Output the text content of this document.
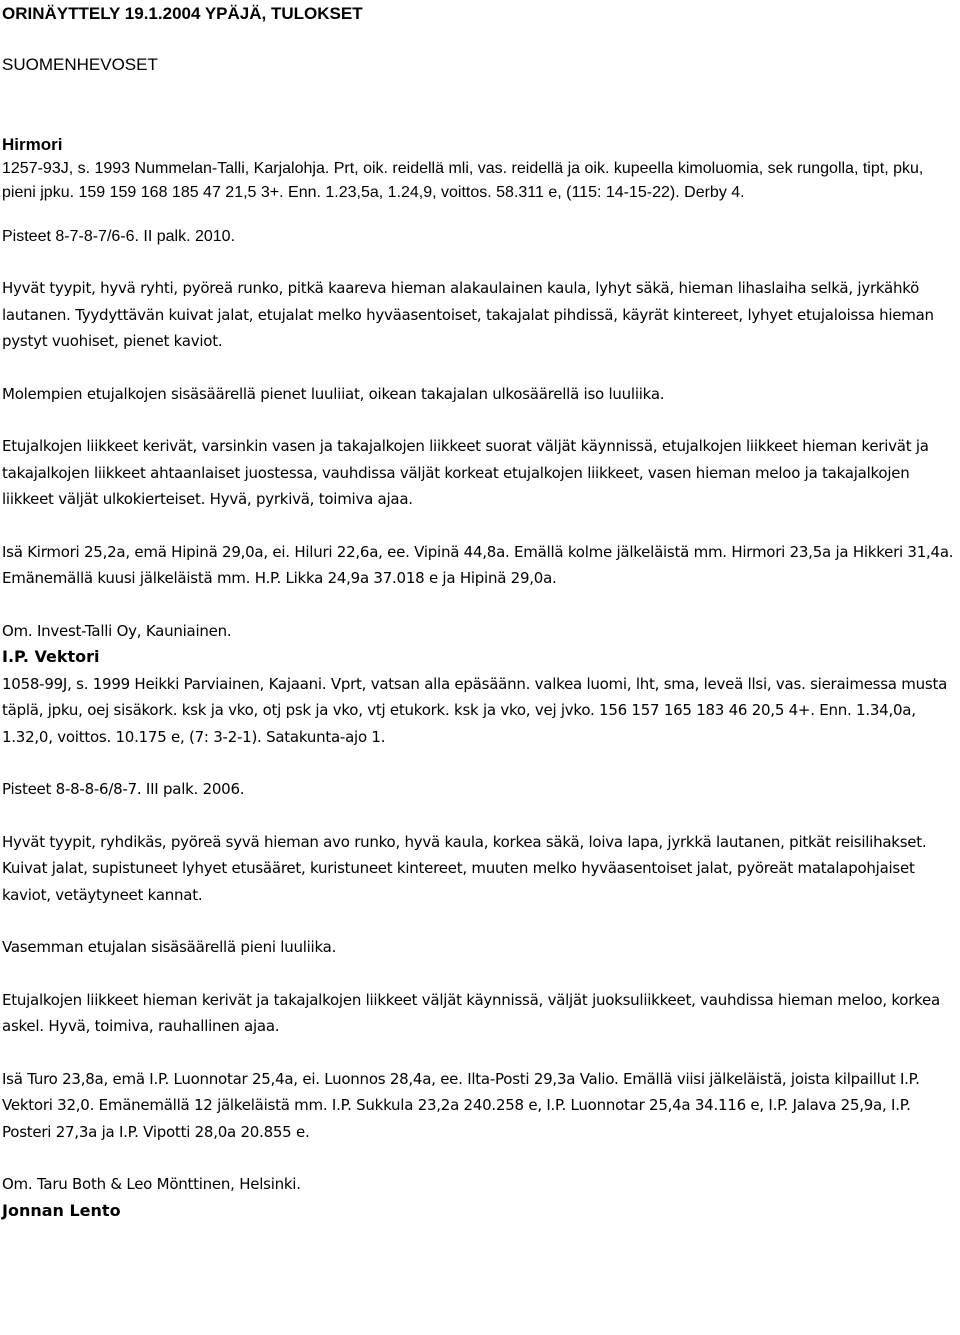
ORINÄYTTELY 19.1.2004 YPÄJÄ, TULOKSET
SUOMENHEVOSET
Hirmori

1257-93J, s. 1993 Nummelan-Talli, Karjalohja. Prt, oik. reidellä mli, vas. reidellä ja oik. kupeella kimoluomia, sek rungolla, tipt, pku, pieni jpku. 159 159 168 185 47 21,5 3+. Enn. 1.23,5a, 1.24,9, voittos. 58.311 e, (115: 14-15-22). Derby 4.

Pisteet 8-7-8-7/6-6. II palk. 2010.

Hyvät tyypit, hyvä ryhti, pyöreä runko, pitkä kaareva hieman alakaulainen kaula, lyhyt säkä, hieman lihaslaiha selkä, jyrkähkö lautanen. Tyydyttävän kuivat jalat, etujalat melko hyväasentoiset, takajalat pihdissä, käyrät kintereet, lyhyet etujaloissa hieman pystyt vuohiset, pienet kaviot.

Molempien etujalkojen sisäsäärellä pienet luuliiat, oikean takajalan ulkosäärellä iso luuliika.

Etujalkojen liikkeet kerivät, varsinkin vasen ja takajalkojen liikkeet suorat väljät käynnissä, etujalkojen liikkeet hieman kerivät ja takajalkojen liikkeet ahtaanlaiset juostessa, vauhdissa väljät korkeat etujalkojen liikkeet, vasen hieman meloo ja takajalkojen liikkeet väljät ulkokierteiset. Hyvä, pyrkivä, toimiva ajaa.

Isä Kirmori 25,2a, emä Hipinä 29,0a, ei. Hiluri 22,6a, ee. Vipinä 44,8a. Emällä kolme jälkeläistä mm. Hirmori 23,5a ja Hikkeri 31,4a. Emänemällä kuusi jälkeläistä mm. H.P. Likka 24,9a 37.018 e ja Hipinä 29,0a.

Om. Invest-Talli Oy, Kauniainen.

I.P. Vektori

1058-99J, s. 1999 Heikki Parviainen, Kajaani. Vprt, vatsan alla epäsäänn. valkea luomi, lht, sma, leveä llsi, vas. sieraimessa musta täplä, jpku, oej sisäkork. ksk ja vko, otj psk ja vko, vtj etukork. ksk ja vko, vej jvko. 156 157 165 183 46 20,5 4+. Enn. 1.34,0a, 1.32,0, voittos. 10.175 e, (7: 3-2-1). Satakunta-ajo 1.

Pisteet 8-8-8-6/8-7. III palk. 2006.

Hyvät tyypit, ryhdikäs, pyöreä syvä hieman avo runko, hyvä kaula, korkea säkä, loiva lapa, jyrkkä lautanen, pitkät reisilihakset. Kuivat jalat, supistuneet lyhyet etusääret, kuristuneet kintereet, muuten melko hyväasentoiset jalat, pyöreät matalapohjaiset kaviot, vetäytyneet kannat.

Vasemman etujalan sisäsäärellä pieni luuliika.

Etujalkojen liikkeet hieman kerivät ja takajalkojen liikkeet väljät käynnissä, väljät juoksuliikkeet, vauhdissa hieman meloo, korkea askel. Hyvä, toimiva, rauhallinen ajaa.

Isä Turo 23,8a, emä I.P. Luonnotar 25,4a, ei. Luonnos 28,4a, ee. Ilta-Posti 29,3a Valio. Emällä viisi jälkeläistä, joista kilpaillut I.P. Vektori 32,0. Emänemällä 12 jälkeläistä mm. I.P. Sukkula 23,2a 240.258 e, I.P. Luonnotar 25,4a 34.116 e, I.P. Jalava 25,9a, I.P. Posteri 27,3a ja I.P. Vipotti 28,0a 20.855 e.

Om. Taru Both & Leo Mönttinen, Helsinki.

Jonnan Lento
